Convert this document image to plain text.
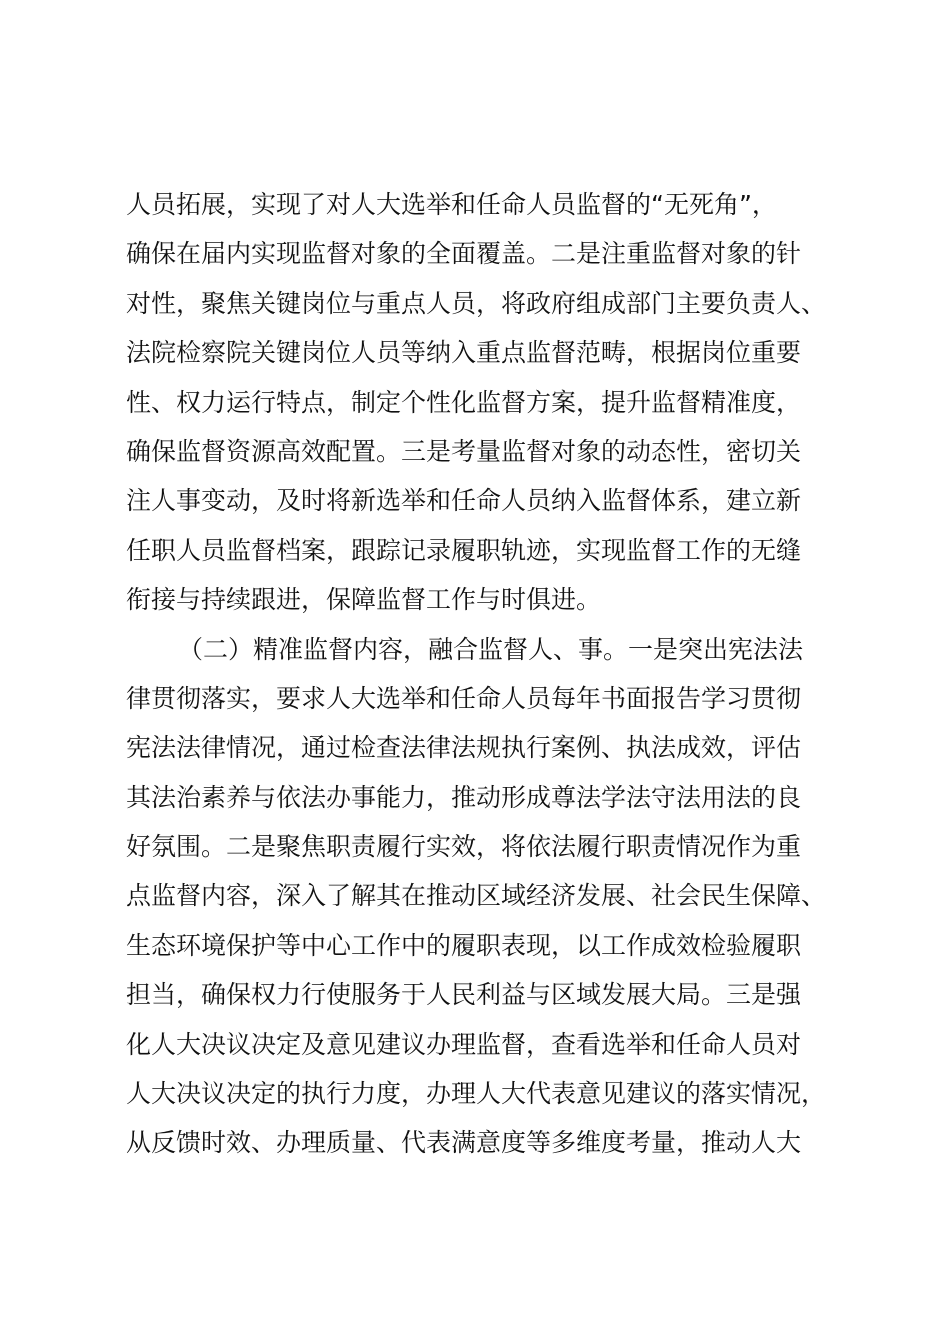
人员拓展，实现了对人大选举和任命人员监督的“无死角”，
确保在届内实现监督对象的全面覆盖。二是注重监督对象的针
对性，聚焦关键岗位与重点人员，将政府组成部门主要负责人、
法院检察院关键岗位人员等纳入重点监督范畴，根据岗位重要
性、权力运行特点，制定个性化监督方案，提升监督精准度，
确保监督资源高效配置。三是考量监督对象的动态性，密切关
注人事变动，及时将新选举和任命人员纳入监督体系，建立新
任职人员监督档案，跟踪记录履职轨迹，实现监督工作的无缝
衔接与持续跟进，保障监督工作与时俱进。
（二）精准监督内容，融合监督人、事。一是突出宪法法
律贯彻落实，要求人大选举和任命人员每年书面报告学习贯彻
宪法法律情况，通过检查法律法规执行案例、执法成效，评估
其法治素养与依法办事能力，推动形成尊法学法守法用法的良
好氛围。二是聚焦职责履行实效，将依法履行职责情况作为重
点监督内容，深入了解其在推动区域经济发展、社会民生保障、
生态环境保护等中心工作中的履职表现，以工作成效检验履职
担当，确保权力行使服务于人民利益与区域发展大局。三是强
化人大决议决定及意见建议办理监督，查看选举和任命人员对
人大决议决定的执行力度，办理人大代表意见建议的落实情况，
从反馈时效、办理质量、代表满意度等多维度考量，推动人大
